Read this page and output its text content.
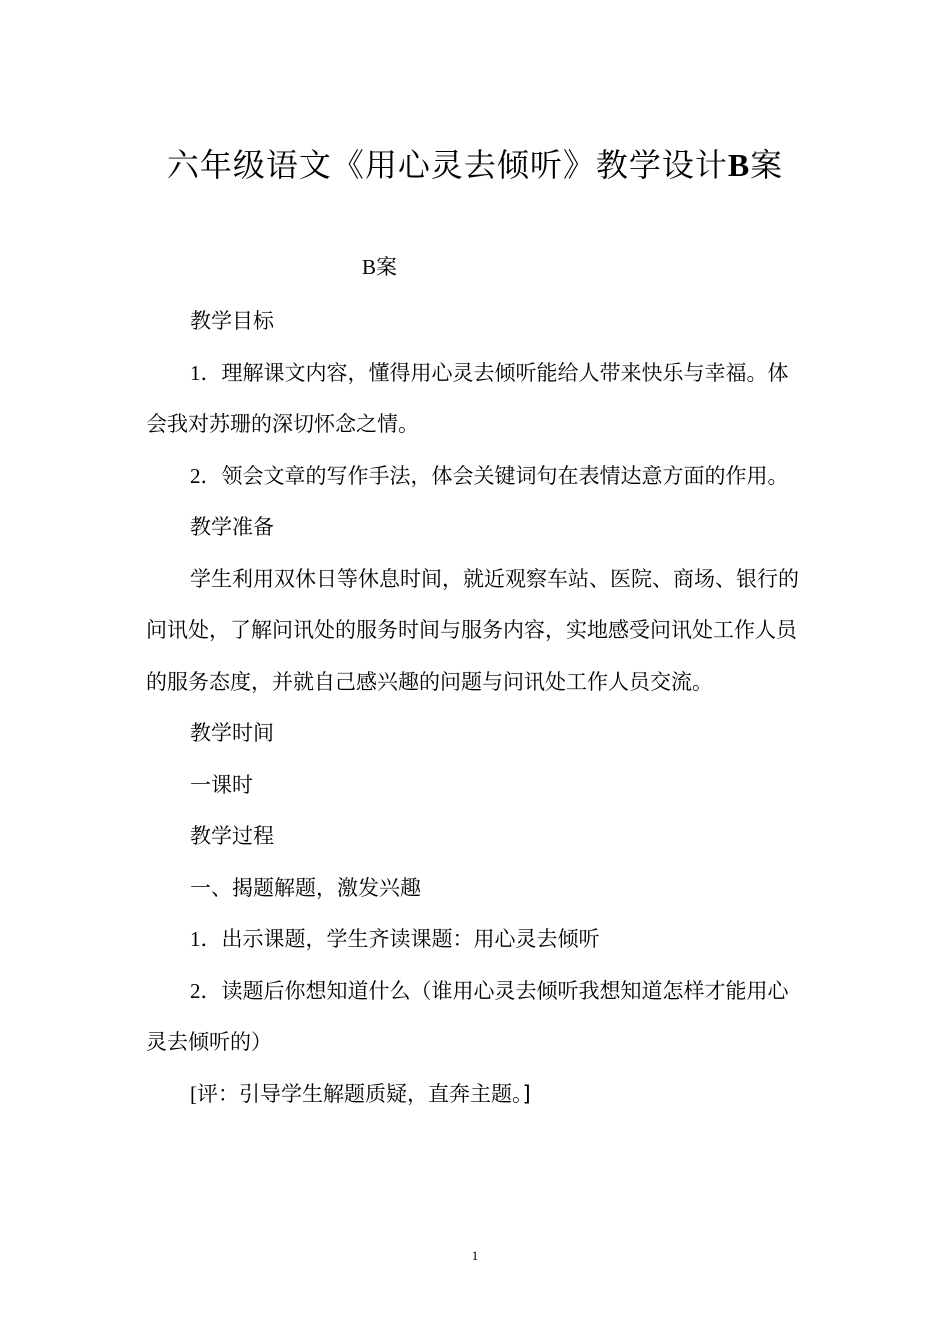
六年级语文《用心灵去倾听》教学设计B案
B案

教学目标

1．理解课文内容，懂得用心灵去倾听能给人带来快乐与幸福。体会我对苏珊的深切怀念之情。

2．领会文章的写作手法，体会关键词句在表情达意方面的作用。

教学准备

学生利用双休日等休息时间，就近观察车站、医院、商场、银行的问讯处，了解问讯处的服务时间与服务内容，实地感受问讯处工作人员的服务态度，并就自己感兴趣的问题与问讯处工作人员交流。

教学时间

一课时

教学过程

一、揭题解题，激发兴趣

1．出示课题，学生齐读课题：用心灵去倾听

2．读题后你想知道什么（谁用心灵去倾听我想知道怎样才能用心灵去倾听的）

[评：引导学生解题质疑，直奔主题。]

1
